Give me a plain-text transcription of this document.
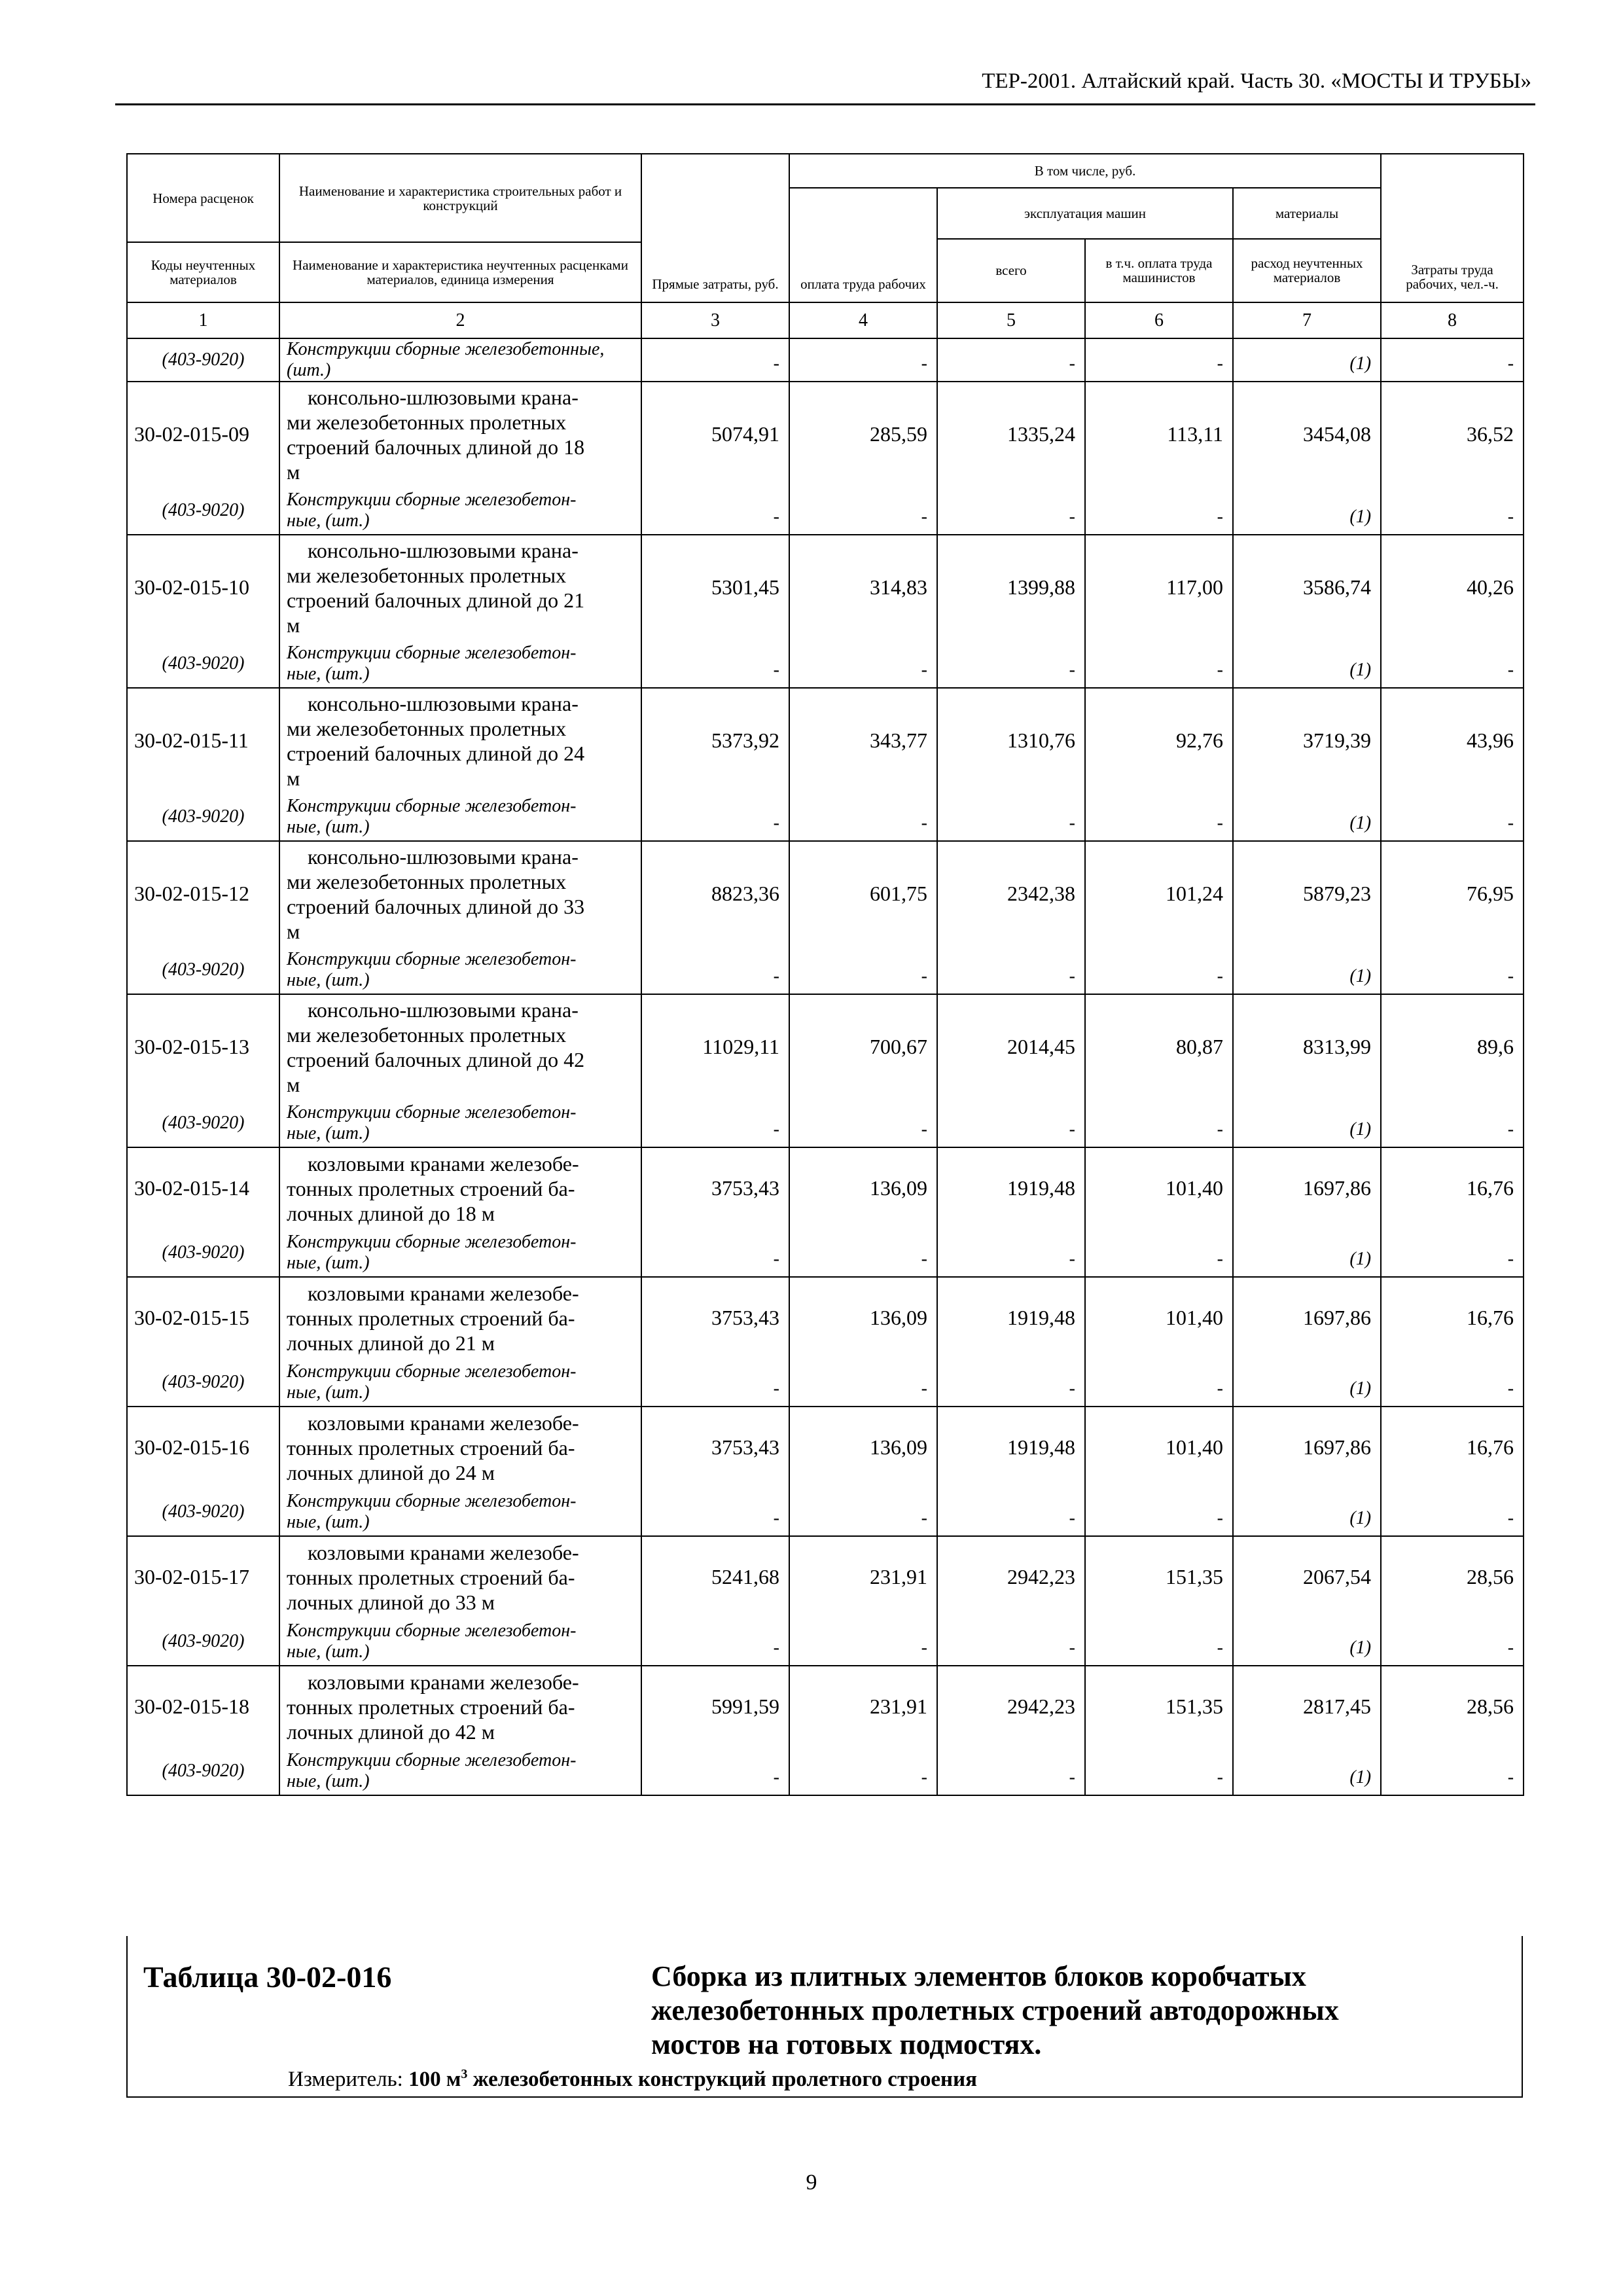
ТЕР-2001. Алтайский край. Часть 30. «МОСТЫ И ТРУБЫ»
Номера расценок	Наименование и характеристика строительных работ и конструкций	Прямые затраты, руб.	В том числе, руб.				Затраты труда рабочих, чел.-ч.
			оплата труда рабочих	эксплуатация машин		материалы	
				всего	в т.ч. оплата труда машинистов	расход неучтенных материалов	
Коды неучтенных материалов	Наименование и характеристика неучтенных расценками материалов, единица измерения						

1	2	3	4	5	6	7	8
(403-9020)	Конструкции сборные железобетонные, (шт.)	-	-	-	-	(1)	-
30-02-015-09	консольно-шлюзовыми крана-
ми железобетонных пролетных
строений балочных длиной до 18
м	5074,91	285,59	1335,24	113,11	3454,08	36,52
(403-9020)	Конструкции сборные железобетон-
ные, (шт.)	-	-	-	-	(1)	-
30-02-015-10	консольно-шлюзовыми крана-
ми железобетонных пролетных
строений балочных длиной до 21
м	5301,45	314,83	1399,88	117,00	3586,74	40,26
(403-9020)	Конструкции сборные железобетон-
ные, (шт.)	-	-	-	-	(1)	-
30-02-015-11	консольно-шлюзовыми крана-
ми железобетонных пролетных
строений балочных длиной до 24
м	5373,92	343,77	1310,76	92,76	3719,39	43,96
(403-9020)	Конструкции сборные железобетон-
ные, (шт.)	-	-	-	-	(1)	-
30-02-015-12	консольно-шлюзовыми крана-
ми железобетонных пролетных
строений балочных длиной до 33
м	8823,36	601,75	2342,38	101,24	5879,23	76,95
(403-9020)	Конструкции сборные железобетон-
ные, (шт.)	-	-	-	-	(1)	-
30-02-015-13	консольно-шлюзовыми крана-
ми железобетонных пролетных
строений балочных длиной до 42
м	11029,11	700,67	2014,45	80,87	8313,99	89,6
(403-9020)	Конструкции сборные железобетон-
ные, (шт.)	-	-	-	-	(1)	-
30-02-015-14	козловыми кранами железобе-
тонных пролетных строений ба-
лочных длиной до 18 м	3753,43	136,09	1919,48	101,40	1697,86	16,76
(403-9020)	Конструкции сборные железобетон-
ные, (шт.)	-	-	-	-	(1)	-
30-02-015-15	козловыми кранами железобе-
тонных пролетных строений ба-
лочных длиной до 21 м	3753,43	136,09	1919,48	101,40	1697,86	16,76
(403-9020)	Конструкции сборные железобетон-
ные, (шт.)	-	-	-	-	(1)	-
30-02-015-16	козловыми кранами железобе-
тонных пролетных строений ба-
лочных длиной до 24 м	3753,43	136,09	1919,48	101,40	1697,86	16,76
(403-9020)	Конструкции сборные железобетон-
ные, (шт.)	-	-	-	-	(1)	-
30-02-015-17	козловыми кранами железобе-
тонных пролетных строений ба-
лочных длиной до 33 м	5241,68	231,91	2942,23	151,35	2067,54	28,56
(403-9020)	Конструкции сборные железобетон-
ные, (шт.)	-	-	-	-	(1)	-
30-02-015-18	козловыми кранами железобе-
тонных пролетных строений ба-
лочных длиной до 42 м	5991,59	231,91	2942,23	151,35	2817,45	28,56
(403-9020)	Конструкции сборные железобетон-
ные, (шт.)	-	-	-	-	(1)	-
Таблица 30-02-016	Сборка из плитных элементов блоков коробчатых
железобетонных пролетных строений автодорожных
мостов на готовых подмостях.
Измеритель: 100 $м^3$ железобетонных конструкций пролетного строения
9
